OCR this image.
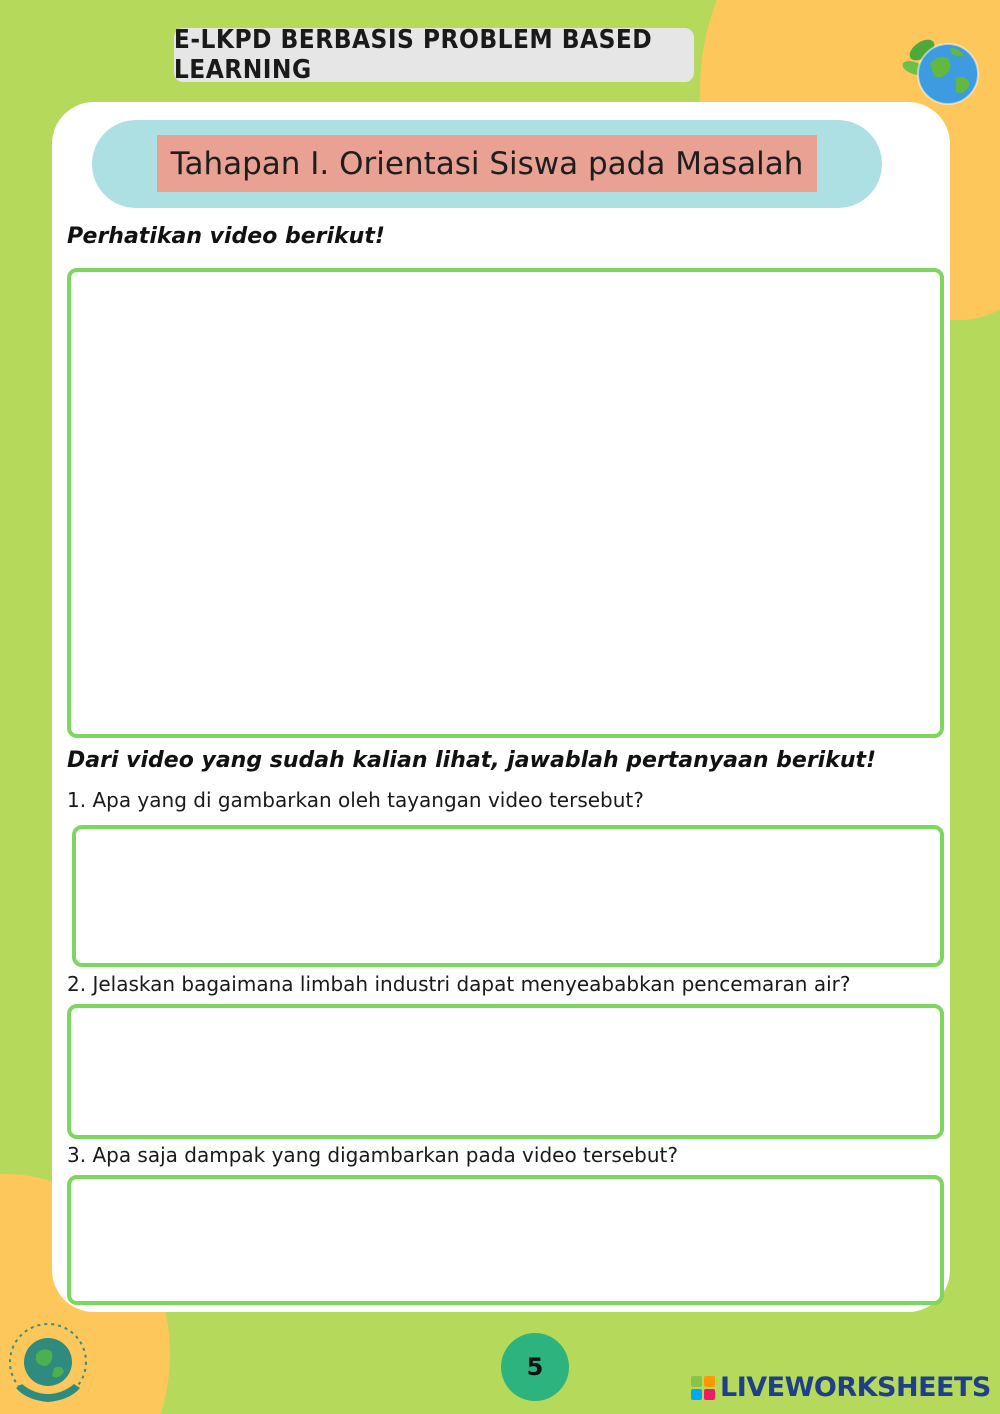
E-LKPD BERBASIS PROBLEM BASED LEARNING
Tahapan I. Orientasi Siswa pada Masalah
Perhatikan video berikut!
Dari video yang sudah kalian lihat, jawablah pertanyaan berikut!
1. Apa yang di gambarkan oleh tayangan video tersebut?
2. Jelaskan bagaimana limbah industri dapat menyeababkan pencemaran air?
3. Apa saja dampak yang digambarkan pada video tersebut?
5
LIVEWORKSHEETS
